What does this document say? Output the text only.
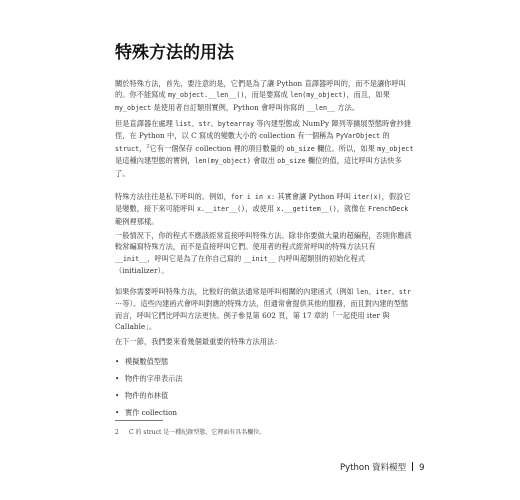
特殊方法的用法

關於特殊方法，首先，要注意的是，它們是為了讓 Python 直譯器呼叫的，而不是讓你呼叫的。你不能寫成 my_object.__len__()，而是要寫成 len(my_object)，而且，如果 my_object 是使用者自訂類別實例，Python 會呼叫你寫的 __len__ 方法。

但是直譯器在處理 list、str、bytearray 等內建型態或 NumPy 陣列等擴展型態時會抄捷徑，在 Python 中，以 C 寫成的變數大小的 collection 有一個稱為 PyVarObject 的 struct，$^2$它有一個保存 collection 裡的項目數量的 ob_size 欄位。所以，如果 my_object 是這種內建型態的實例，len(my_object) 會取出 ob_size 欄位的值，這比呼叫方法快多了。

特殊方法往往是私下呼叫的。例如，for i in x: 其實會讓 Python 呼叫 iter(x)，假設它是變數，接下來可能呼叫 x.__iter__()，或使用 x.__getitem__()，就像在 FrenchDeck 範例裡那樣。

一般情況下，你的程式不應該經常直接呼叫特殊方法。除非你要做大量的超編程，否則你應該較常編寫特殊方法，而不是直接呼叫它們。使用者的程式經常呼叫的特殊方法只有 __init__，呼叫它是為了在你自己寫的 __init__ 內呼叫超類別的初始化程式（initializer）。

如果你需要呼叫特殊方法，比較好的做法通常是呼叫相關的內建函式（例如 len、iter、str ⋯等）。這些內建函式會呼叫對應的特殊方法，但通常會提供其他的服務，而且對內建的型態而言，呼叫它們比呼叫方法更快。例子參見第 602 頁，第 17 章的「一起使用 iter 與 Callable」。

在下一節，我們要來看幾個最重要的特殊方法用法：

• 模擬數值型態
• 物件的字串表示法
• 物件的布林值
• 實作 collection

2 C 的 struct 是一種紀錄型態，它裡面有具名欄位。

Python 資料模型 9
